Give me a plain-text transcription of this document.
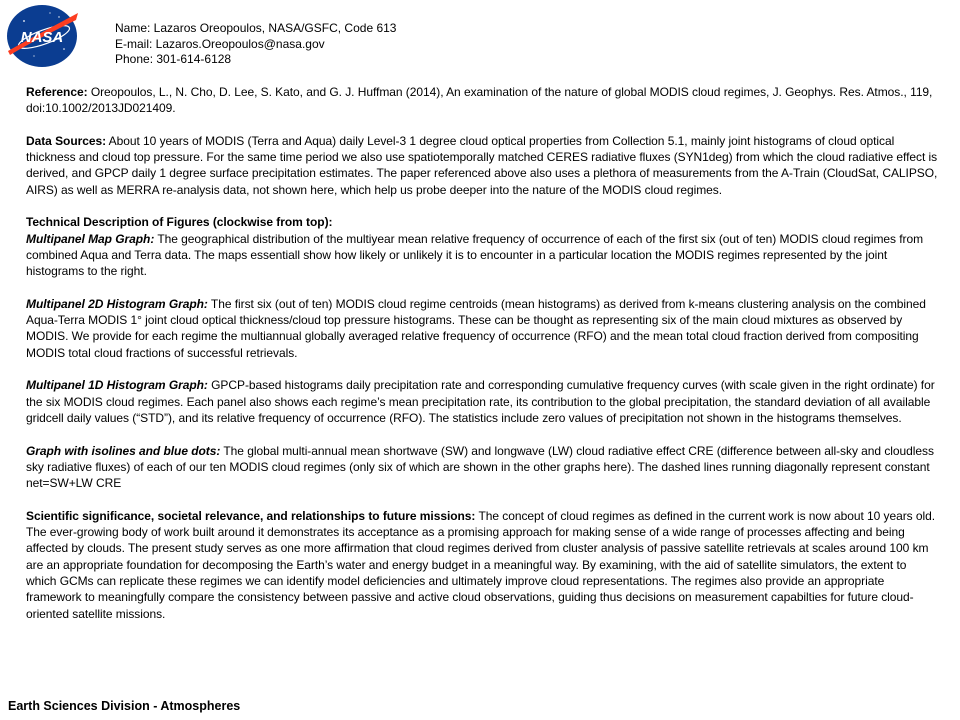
NASA
Name: Lazaros Oreopoulos, NASA/GSFC, Code 613
E-mail: Lazaros.Oreopoulos@nasa.gov
Phone: 301-614-6128

Reference: Oreopoulos, L., N. Cho, D. Lee, S. Kato, and G. J. Huffman (2014), An examination of the nature of global MODIS cloud regimes, J. Geophys. Res. Atmos., 119, doi:10.1002/2013JD021409.

Data Sources: About 10 years of MODIS (Terra and Aqua) daily Level-3 1 degree cloud optical properties from Collection 5.1, mainly joint histograms of cloud optical thickness and cloud top pressure. For the same time period we also use spatiotemporally matched CERES radiative fluxes (SYN1deg) from which the cloud radiative effect is derived, and GPCP daily 1 degree surface precipitation estimates. The paper referenced above also uses a plethora of measurements from the A-Train (CloudSat, CALIPSO, AIRS) as well as MERRA re-analysis data, not shown here, which help us probe deeper into the nature of the MODIS cloud regimes.

Technical Description of Figures (clockwise from top):

Multipanel Map Graph: The geographical distribution of the multiyear mean relative frequency of occurrence of each of the first six (out of ten) MODIS cloud regimes from combined Aqua and Terra data. The maps essentiall show how likely or unlikely it is to encounter in a particular location the MODIS regimes represented by the joint histograms to the right.

Multipanel 2D Histogram Graph: The first six (out of ten) MODIS cloud regime centroids (mean histograms) as derived from k-means clustering analysis on the combined Aqua-Terra MODIS 1° joint cloud optical thickness/cloud top pressure histograms. These can be thought as representing six of the main cloud mixtures as observed by MODIS. We provide for each regime the multiannual globally averaged relative frequency of occurrence (RFO) and the mean total cloud fraction derived from compositing MODIS total cloud fractions of successful retrievals.

Multipanel 1D Histogram Graph: GPCP-based histograms daily precipitation rate and corresponding cumulative frequency curves (with scale given in the right ordinate) for the six MODIS cloud regimes. Each panel also shows each regime’s mean precipitation rate, its contribution to the global precipitation, the standard deviation of all available gridcell daily values (“STD”), and its relative frequency of occurrence (RFO). The statistics include zero values of precipitation not shown in the histograms themselves.

Graph with isolines and blue dots: The global multi-annual mean shortwave (SW) and longwave (LW) cloud radiative effect CRE (difference between all-sky and cloudless sky radiative fluxes) of each of our ten MODIS cloud regimes (only six of which are shown in the other graphs here). The dashed lines running diagonally represent constant net=SW+LW CRE

Scientific significance, societal relevance, and relationships to future missions: The concept of cloud regimes as defined in the current work is now about 10 years old. The ever-growing body of work built around it demonstrates its acceptance as a promising approach for making sense of a wide range of processes affecting and being affected by clouds. The present study serves as one more affirmation that cloud regimes derived from cluster analysis of passive satellite retrievals at scales around 100 km are an appropriate foundation for decomposing the Earth’s water and energy budget in a meaningful way. By examining, with the aid of satellite simulators, the extent to which GCMs can replicate these regimes we can identify model deficiencies and ultimately improve cloud representations. The regimes also provide an appropriate framework to meaningfully compare the consistency between passive and active cloud observations, guiding thus decisions on measurement capabilties for future cloud-oriented satellite missions.

Earth Sciences Division - Atmospheres
